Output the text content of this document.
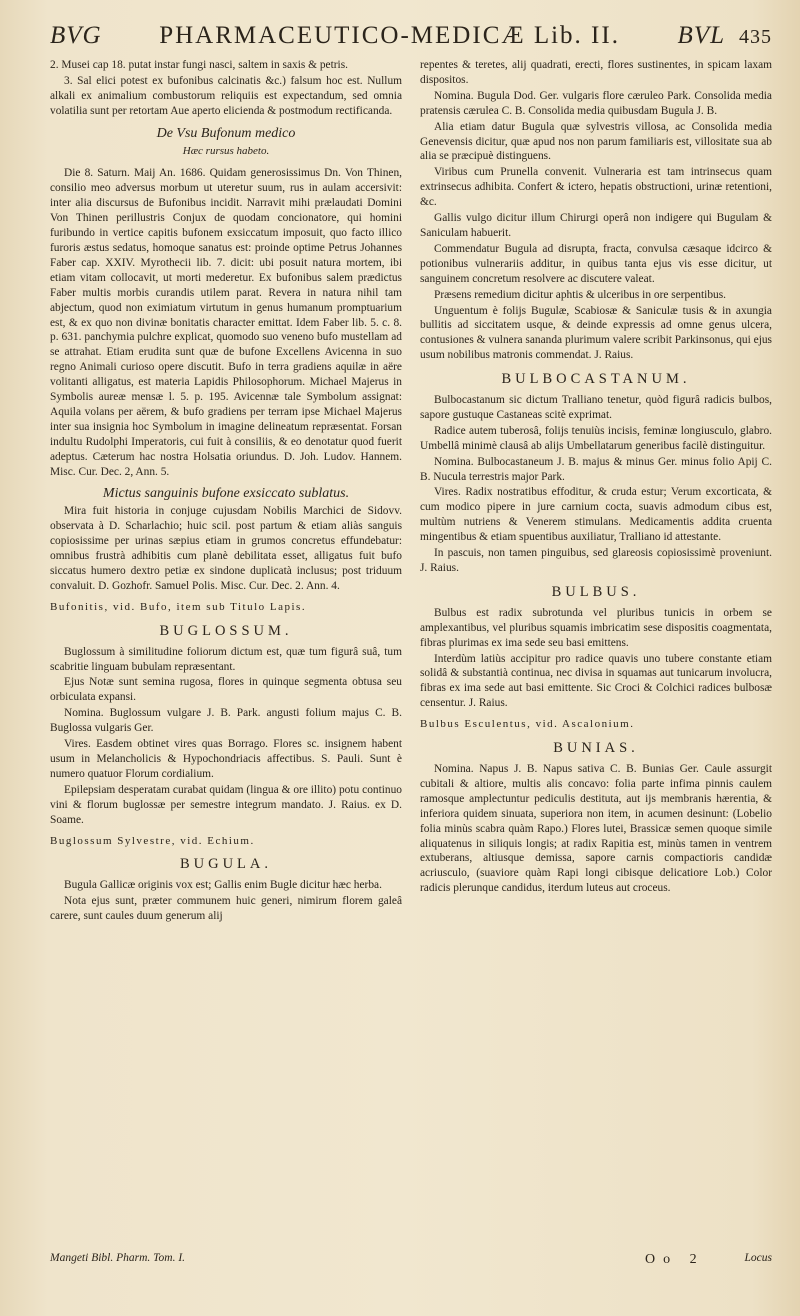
BVG	PHARMACEUTICO-MEDICÆ Lib. II.	BVL 435

2. Musei cap 18. putat instar fungi nasci, saltem in saxis & petris.

3. Sal elici potest ex bufonibus calcinatis &c.) falsum hoc est. Nullum alkali ex animalium combustorum reliquiis est expectandum, sed omnia volatilia sunt per retortam Aue aperto elicienda & postmodum rectificanda.

De Vsu Bufonum medico
Hæc rursus habeto.

Die 8. Saturn. Maij An. 1686. Quidam generosissimus Dn. Von Thinen, consilio meo adversus morbum ut uteretur suum, rus in aulam accersivit: inter alia discursus de Bufonibus incidit. Narravit mihi prælaudati Domini Von Thinen perillustris Conjux de quodam concionatore, qui homini furibundo in vertice capitis bufonem exsiccatum imposuit, quo facto illico furoris æstus sedatus, homoque sanatus est: proinde optime Petrus Johannes Faber cap. XXIV. Myrothecii lib. 7. dicit: ubi posuit natura mortem, ibi etiam vitam collocavit, ut morti mederetur. Ex bufonibus salem prædictus Faber multis morbis curandis utilem parat. Revera in natura nihil tam abjectum, quod non eximiatum virtutum in genus humanum promptuarium est, & ex quo non divinæ bonitatis character emittat. Idem Faber lib. 5. c. 8. p. 631. panchymia pulchre explicat, quomodo suo veneno bufo mustellam ad se attrahat. Etiam erudita sunt quæ de bufone Excellens Avicenna in suo regno Animali curioso opere discutit. Bufo in terra gradiens aquilæ in aëre volitanti alligatus, est materia Lapidis Philosophorum. Michael Majerus in Symbolis aureæ mensæ l. 5. p. 195. Avicennæ tale Symbolum assignat: Aquila volans per aërem, & bufo gradiens per terram ipse Michael Majerus inter sua insignia hoc Symbolum in imagine delineatum repræsentat. Forsan indultu Rudolphi Imperatoris, cui fuit à consiliis, & eo denotatur quod fuerit adeptus. Cæterum hac nostra Holsatia oriundus. D. Joh. Ludov. Hannem. Misc. Cur. Dec. 2, Ann. 5.

Mictus sanguinis bufone exsiccato sublatus.

Mira fuit historia in conjuge cujusdam Nobilis Marchici de Sidovv. observata à D. Scharlachio; huic scil. post partum & etiam aliàs sanguis copiosissime per urinas sæpius etiam in grumos concretus effundebatur: omnibus frustrà adhibitis cum planè debilitata esset, alligatus fuit bufo siccatus humero dextro petiæ ex sindone duplicatà inclusus; post triduum convaluit. D. Gozhofr. Samuel Polis. Misc. Cur. Dec. 2. Ann. 4.

Bufonitis, vid. Bufo, item sub Titulo Lapis.
BUGLOSSUM.

Buglossum à similitudine foliorum dictum est, quæ tum figurâ suâ, tum scabritie linguam bubulam repræsentant.

Ejus Notæ sunt semina rugosa, flores in quinque segmenta obtusa seu orbiculata expansi.

Nomina. Buglossum vulgare J. B. Park. angusti folium majus C. B. Buglossa vulgaris Ger.

Vires. Easdem obtinet vires quas Borrago. Flores sc. insignem habent usum in Melancholicis & Hypochondriacis affectibus. S. Pauli. Sunt è numero quatuor Florum cordialium.

Epilepsiam desperatam curabat quidam (lingua & ore illito) potu continuo vini & florum buglossæ per semestre integrum mandato. J. Raius. ex D. Soame.

Buglossum Sylvestre, vid. Echium.
BUGULA.

Bugula Gallicæ originis vox est; Gallis enim Bugle dicitur hæc herba.

Nota ejus sunt, præter communem huic generi, nimirum florem galeâ carere, sunt caules duum generum alij

repentes & teretes, alij quadrati, erecti, flores sustinentes, in spicam laxam dispositos.

Nomina. Bugula Dod. Ger. vulgaris flore cæruleo Park. Consolida media pratensis cærulea C. B. Consolida media quibusdam Bugula J. B.

Alia etiam datur Bugula quæ sylvestris villosa, ac Consolida media Genevensis dicitur, quæ apud nos non parum familiaris est, villositate sua ab alia se præcipuè distinguens.

Viribus cum Prunella convenit. Vulneraria est tam intrinsecus quam extrinsecus adhibita. Confert & ictero, hepatis obstructioni, urinæ retentioni, &c.

Gallis vulgo dicitur illum Chirurgi operâ non indigere qui Bugulam & Saniculam habuerit.

Commendatur Bugula ad disrupta, fracta, convulsa cæsaque idcirco & potionibus vulnerariis additur, in quibus tanta ejus vis esse dicitur, ut sanguinem concretum resolvere ac discutere valeat.

Præsens remedium dicitur aphtis & ulceribus in ore serpentibus.

Unguentum è folijs Bugulæ, Scabiosæ & Saniculæ tusis & in axungia bullitis ad siccitatem usque, & deinde expressis ad omne genus ulcera, contusiones & vulnera sananda plurimum valere scribit Parkinsonus, qui ejus usum nobilibus matronis commendat. J. Raius.

BULBOCASTANUM.

Bulbocastanum sic dictum Tralliano tenetur, quòd figurâ radicis bulbos, sapore gustuque Castaneas scitè exprimat.

Radice autem tuberosâ, folijs tenuiùs incisis, feminæ longiusculo, glabro. Umbellâ minimè clausâ ab alijs Umbellatarum generibus facilè distinguitur.

Nomina. Bulbocastaneum J. B. majus & minus Ger. minus folio Apij C. B. Nucula terrestris major Park.

Vires. Radix nostratibus effoditur, & cruda estur; Verum excorticata, & cum modico pipere in jure carnium cocta, suavis admodum cibus est, multùm nutriens & Venerem stimulans. Medicamentis addita cruenta mingentibus & etiam spuentibus auxiliatur, Tralliano id attestante.

In pascuis, non tamen pinguibus, sed glareosis copiosissimè proveniunt. J. Raius.

BULBUS.

Bulbus est radix subrotunda vel pluribus tunicis in orbem se amplexantibus, vel pluribus squamis imbricatim sese dispositis coagmentata, fibras plurimas ex ima sede seu basi emittens.

Interdùm latiùs accipitur pro radice quavis uno tubere constante etiam solidâ & substantià continua, nec divisa in squamas aut tunicarum involucra, fibras ex ima sede aut basi emittente. Sic Croci & Colchici radices bulbosæ censentur. J. Raius.

Bulbus Esculentus, vid. Ascalonium.
BUNIAS.

Nomina. Napus J. B. Napus sativa C. B. Bunias Ger. Caule assurgit cubitali & altiore, multis alis concavo: folia parte infima pinnis caulem ramosque amplectuntur pediculis destituta, aut ijs membranis hærentia, & inferiora quidem sinuata, superiora non item, in acumen desinunt: (Lobelio folia minùs scabra quàm Rapo.) Flores lutei, Brassicæ semen quoque simile aliquatenus in siliquis longis; at radix Rapitia est, minùs tamen in ventrem extuberans, altiusque demissa, sapore carnis compactioris candidæ acriusculo, (suaviore quàm Rapi longi cibisque delicatiore Lob.) Color radicis plerunque candidus, iterdum luteus aut croceus.

Mangeti Bibl. Pharm. Tom. I.	Oo 2	Locus
